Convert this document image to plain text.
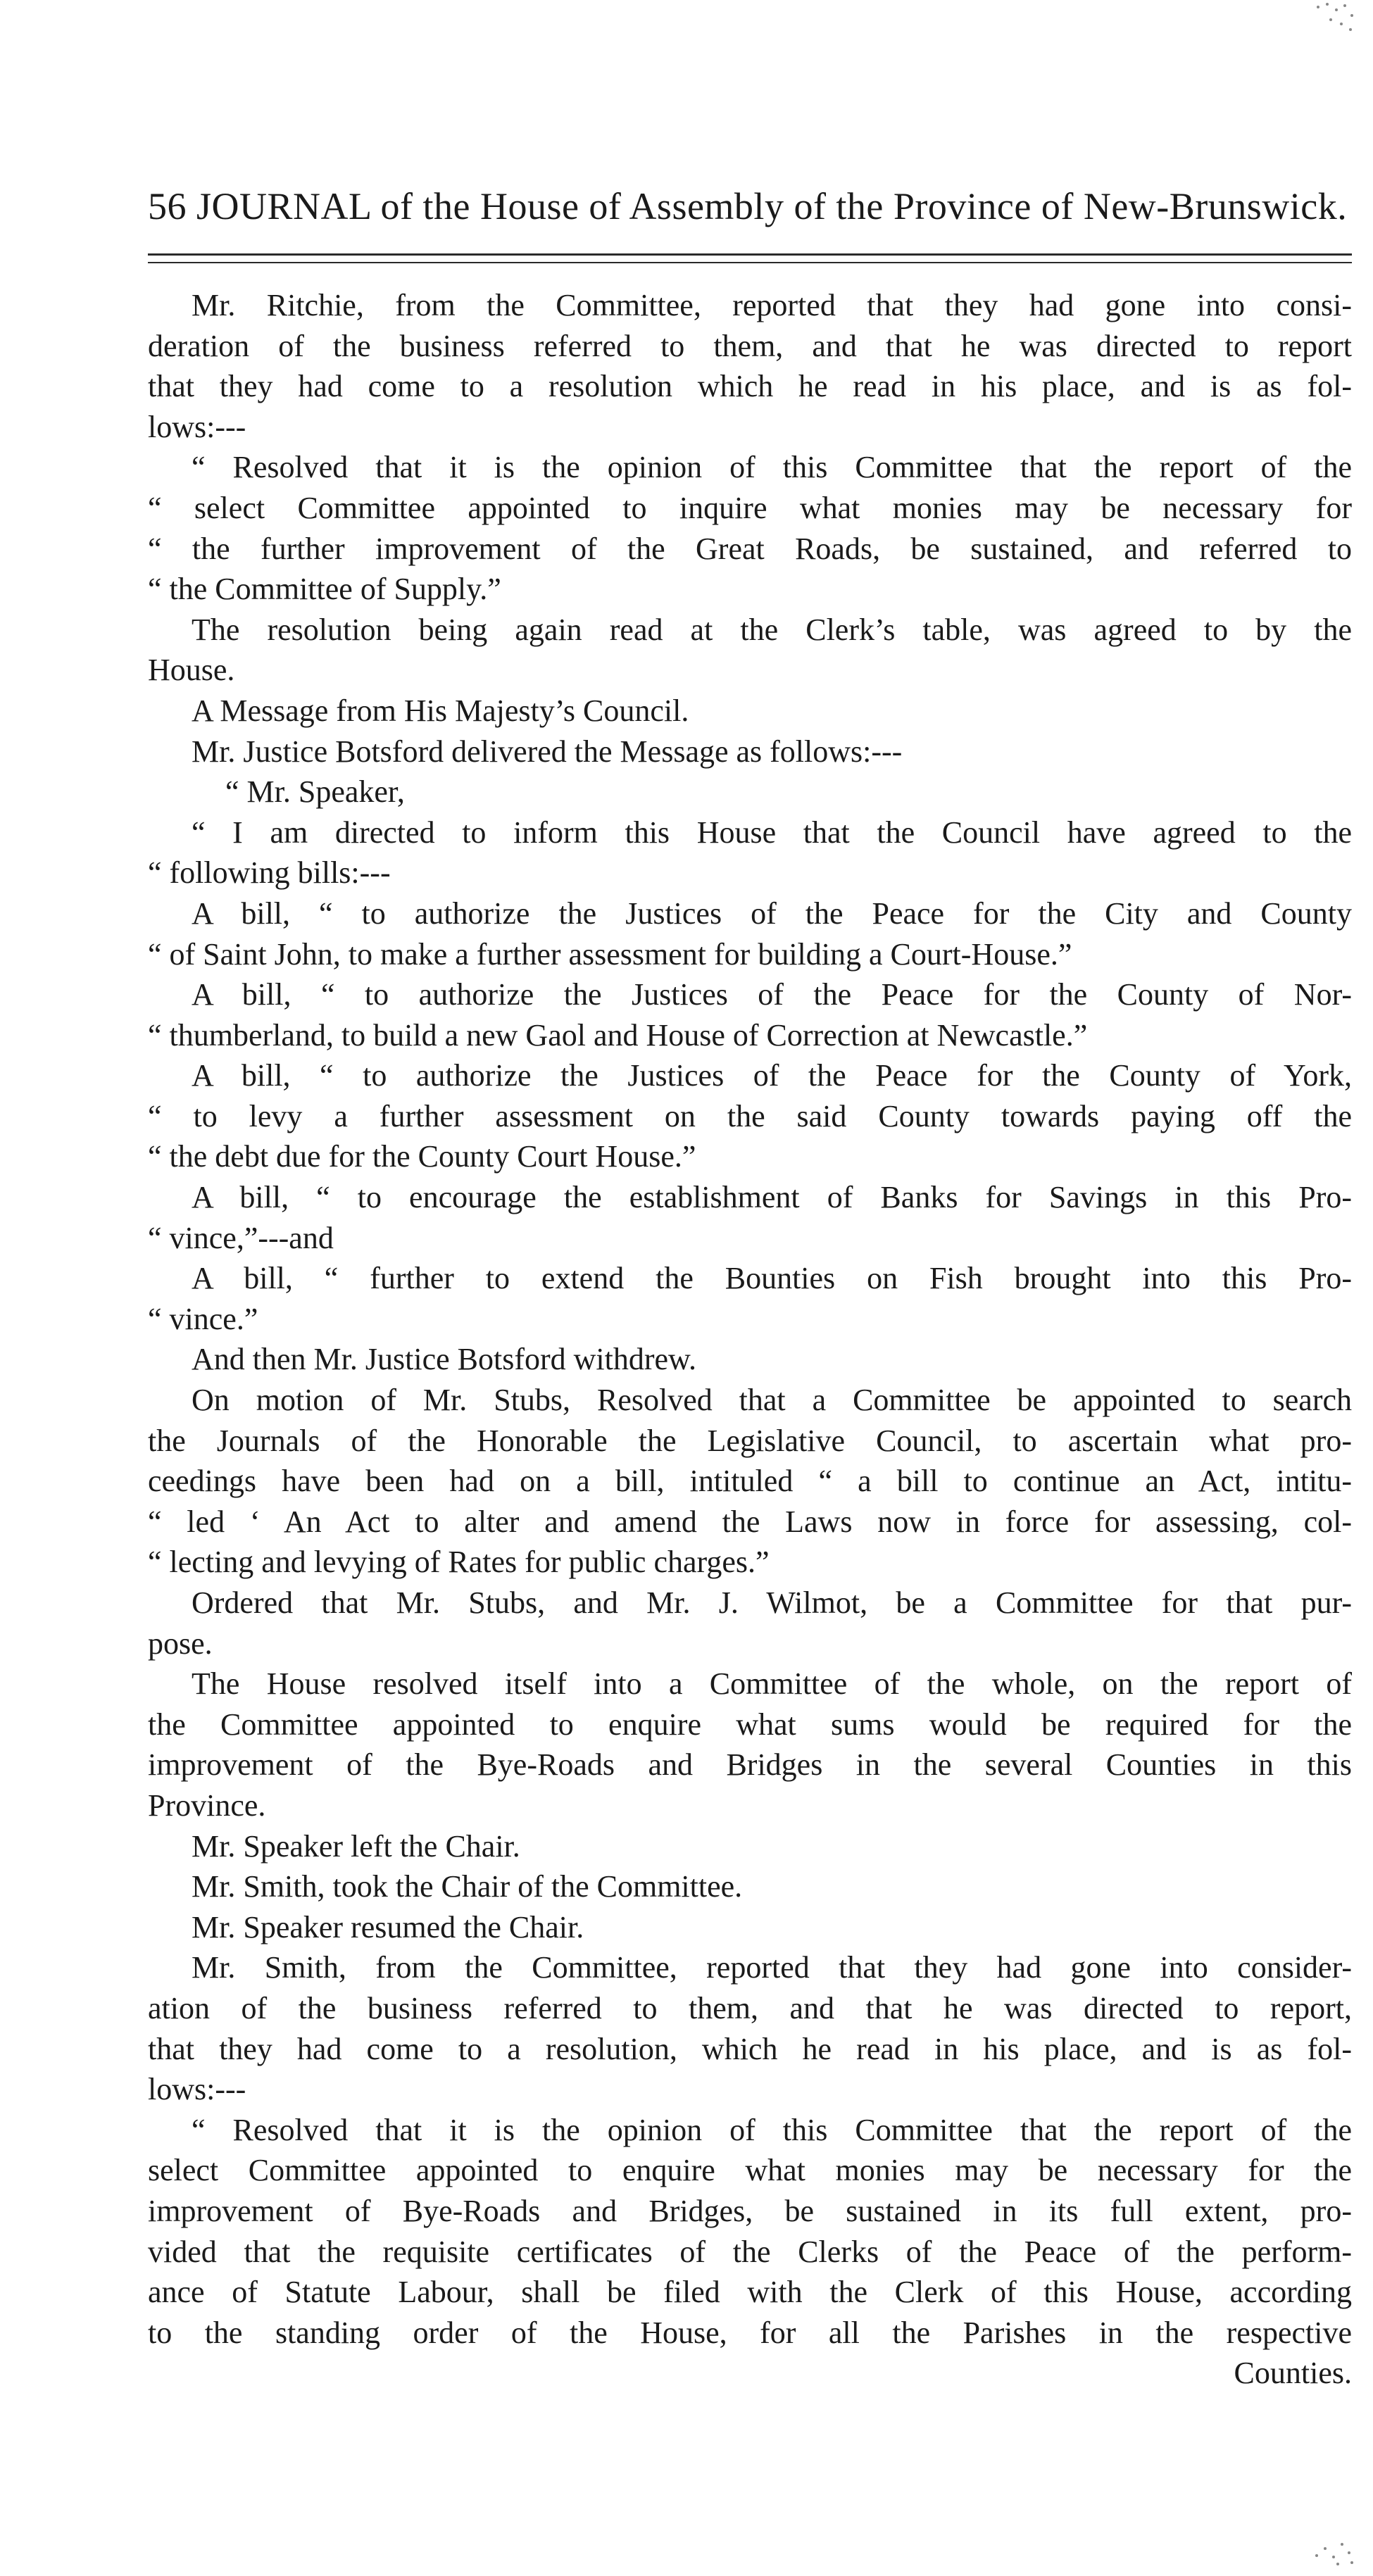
56 JOURNAL of the House of Assembly of the Province of New-Brunswick.
Mr. Ritchie, from the Committee, reported that they had gone into consi-
deration of the business referred to them, and that he was directed to report
that they had come to a resolution which he read in his place, and is as fol-
lows:---
“ Resolved that it is the opinion of this Committee that the report of the
“ select Committee appointed to inquire what monies may be necessary for
“ the further improvement of the Great Roads, be sustained, and referred to
“ the Committee of Supply.”
The resolution being again read at the Clerk’s table, was agreed to by the
House.
A Message from His Majesty’s Council.
Mr. Justice Botsford delivered the Message as follows:---
“ Mr. Speaker,
“ I am directed to inform this House that the Council have agreed to the
“ following bills:---
A bill, “ to authorize the Justices of the Peace for the City and County
“ of Saint John, to make a further assessment for building a Court-House.”
A bill, “ to authorize the Justices of the Peace for the County of Nor-
“ thumberland, to build a new Gaol and House of Correction at Newcastle.”
A bill, “ to authorize the Justices of the Peace for the County of York,
“ to levy a further assessment on the said County towards paying off the
“ the debt due for the County Court House.”
A bill, “ to encourage the establishment of Banks for Savings in this Pro-
“ vince,”---and
A bill, “ further to extend the Bounties on Fish brought into this Pro-
“ vince.”
And then Mr. Justice Botsford withdrew.
On motion of Mr. Stubs, Resolved that a Committee be appointed to search
the Journals of the Honorable the Legislative Council, to ascertain what pro-
ceedings have been had on a bill, intituled “ a bill to continue an Act, intitu-
“ led ‘ An Act to alter and amend the Laws now in force for assessing, col-
“ lecting and levying of Rates for public charges.”
Ordered that Mr. Stubs, and Mr. J. Wilmot, be a Committee for that pur-
pose.
The House resolved itself into a Committee of the whole, on the report of
the Committee appointed to enquire what sums would be required for the
improvement of the Bye-Roads and Bridges in the several Counties in this
Province.
Mr. Speaker left the Chair.
Mr. Smith, took the Chair of the Committee.
Mr. Speaker resumed the Chair.
Mr. Smith, from the Committee, reported that they had gone into consider-
ation of the business referred to them, and that he was directed to report,
that they had come to a resolution, which he read in his place, and is as fol-
lows:---
“ Resolved that it is the opinion of this Committee that the report of the
select Committee appointed to enquire what monies may be necessary for the
improvement of Bye-Roads and Bridges, be sustained in its full extent, pro-
vided that the requisite certificates of the Clerks of the Peace of the perform-
ance of Statute Labour, shall be filed with the Clerk of this House, according
to the standing order of the House, for all the Parishes in the respective
Counties.
